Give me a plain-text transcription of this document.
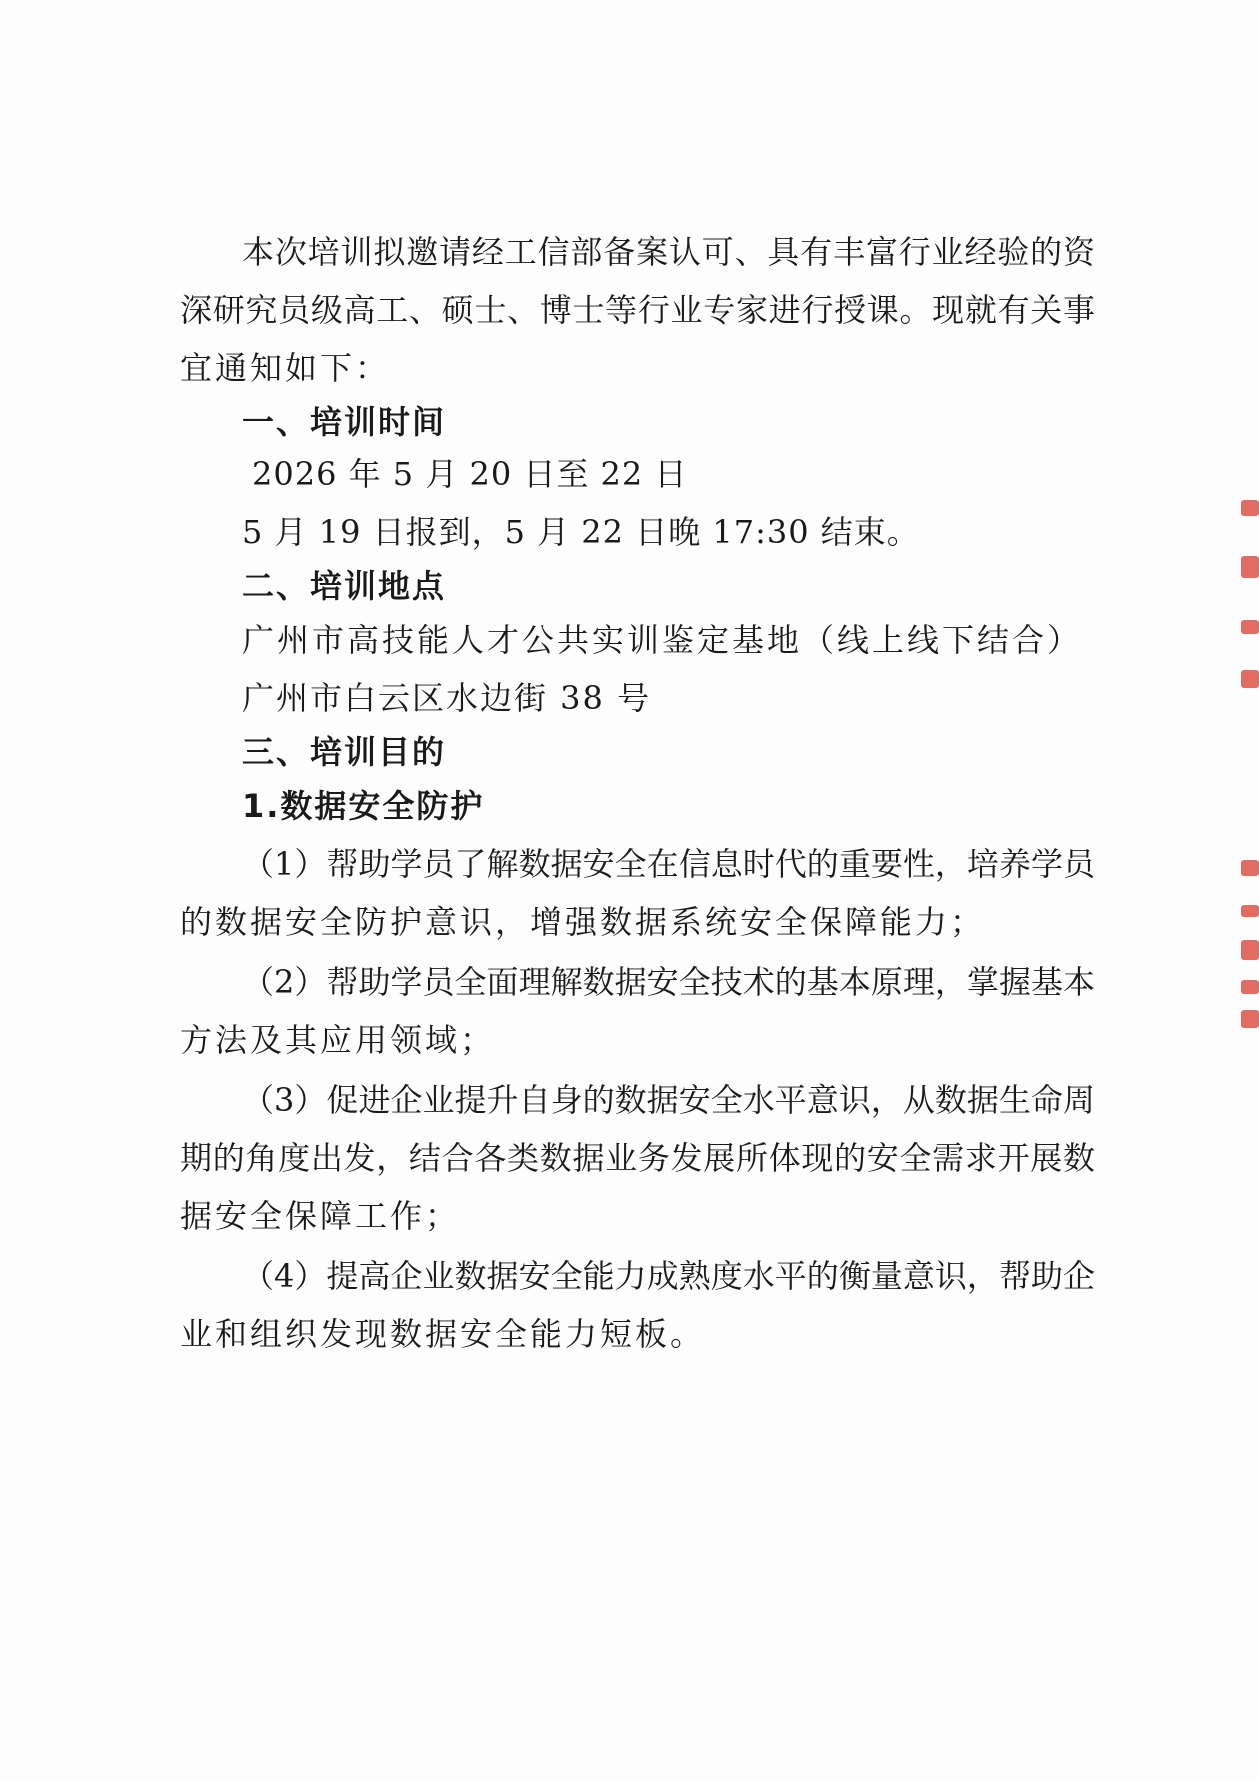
本次培训拟邀请经工信部备案认可、具有丰富行业经验的资
深研究员级高工、硕士、博士等行业专家进行授课。现就有关事
宜通知如下：
一、培训时间
2026 年 5 月 20 日至 22 日
5 月 19 日报到，5 月 22 日晚 17:30 结束。
二、培训地点
广州市高技能人才公共实训鉴定基地（线上线下结合）
广州市白云区水边街 38 号
三、培训目的
1.数据安全防护
（1）帮助学员了解数据安全在信息时代的重要性，培养学员
的数据安全防护意识，增强数据系统安全保障能力；
（2）帮助学员全面理解数据安全技术的基本原理，掌握基本
方法及其应用领域；
（3）促进企业提升自身的数据安全水平意识，从数据生命周
期的角度出发，结合各类数据业务发展所体现的安全需求开展数
据安全保障工作；
（4）提高企业数据安全能力成熟度水平的衡量意识，帮助企
业和组织发现数据安全能力短板。
